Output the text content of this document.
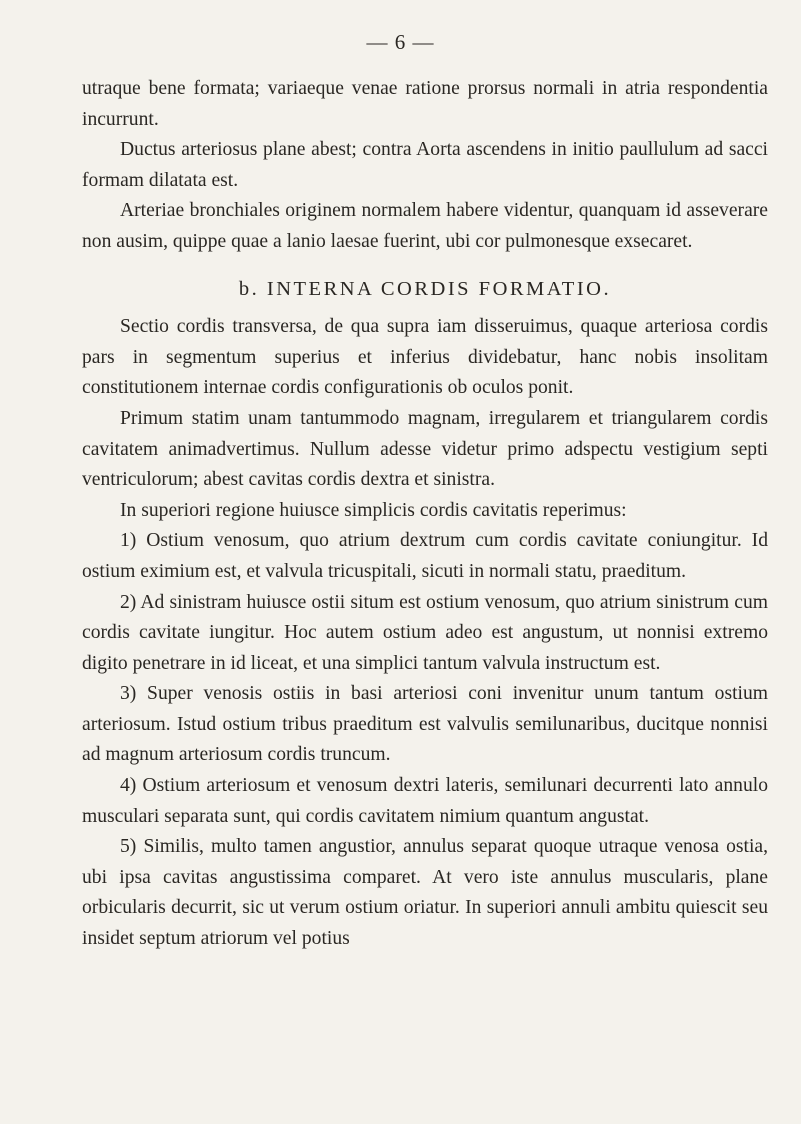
— 6 —

utraque bene formata; variaeque venae ratione prorsus normali in atria respondentia incurrunt.

Ductus arteriosus plane abest; contra Aorta ascendens in initio paullulum ad sacci formam dilatata est.

Arteriae bronchiales originem normalem habere videntur, quanquam id asseverare non ausim, quippe quae a lanio laesae fuerint, ubi cor pulmonesque exsecaret.

b. INTERNA CORDIS FORMATIO.

Sectio cordis transversa, de qua supra iam disseruimus, quaque arteriosa cordis pars in segmentum superius et inferius dividebatur, hanc nobis insolitam constitutionem internae cordis configurationis ob oculos ponit.

Primum statim unam tantummodo magnam, irregularem et triangularem cordis cavitatem animadvertimus. Nullum adesse videtur primo adspectu vestigium septi ventriculorum; abest cavitas cordis dextra et sinistra.

In superiori regione huiusce simplicis cordis cavitatis reperimus:

1) Ostium venosum, quo atrium dextrum cum cordis cavitate coniungitur. Id ostium eximium est, et valvula tricuspitali, sicuti in normali statu, praeditum.

2) Ad sinistram huiusce ostii situm est ostium venosum, quo atrium sinistrum cum cordis cavitate iungitur. Hoc autem ostium adeo est angustum, ut nonnisi extremo digito penetrare in id liceat, et una simplici tantum valvula instructum est.

3) Super venosis ostiis in basi arteriosi coni invenitur unum tantum ostium arteriosum. Istud ostium tribus praeditum est valvulis semilunaribus, ducitque nonnisi ad magnum arteriosum cordis truncum.

4) Ostium arteriosum et venosum dextri lateris, semilunari decurrenti lato annulo musculari separata sunt, qui cordis cavitatem nimium quantum angustat.

5) Similis, multo tamen angustior, annulus separat quoque utraque venosa ostia, ubi ipsa cavitas angustissima comparet. At vero iste annulus muscularis, plane orbicularis decurrit, sic ut verum ostium oriatur. In superiori annuli ambitu quiescit seu insidet septum atriorum vel potius
